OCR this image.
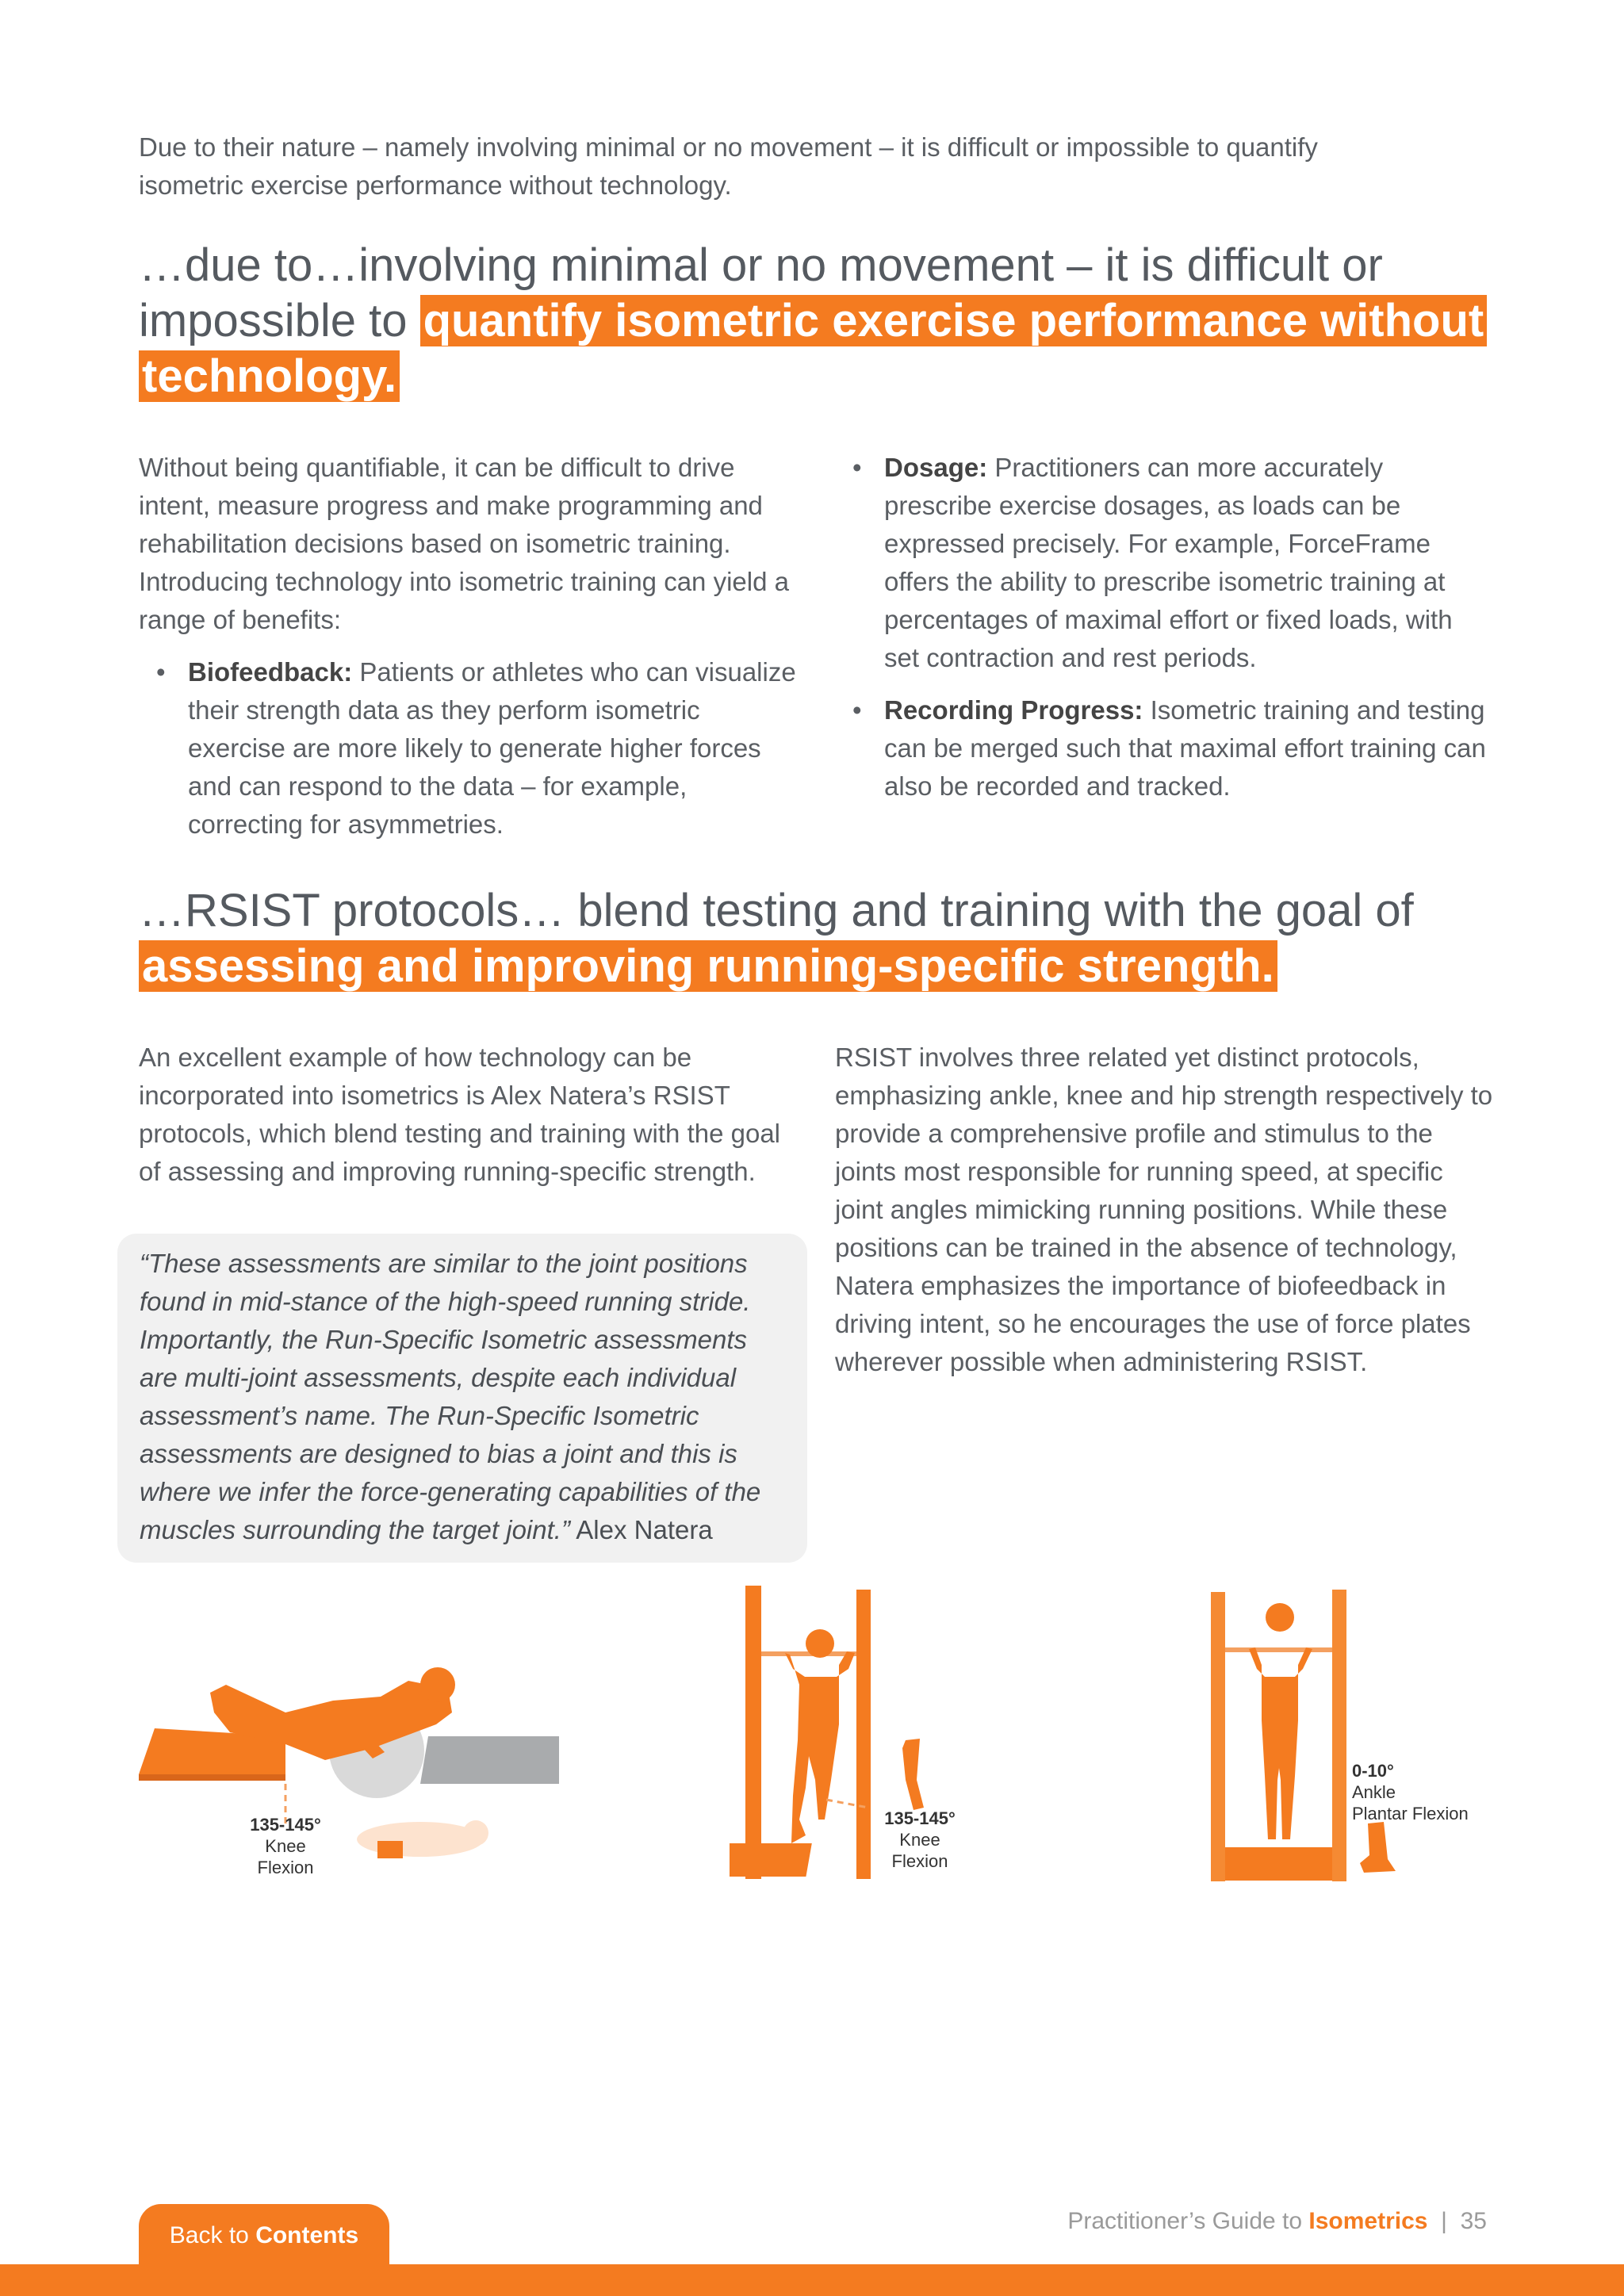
Due to their nature – namely involving minimal or no movement – it is difficult or impossible to quantify isometric exercise performance without technology.

…due to…involving minimal or no movement – it is difficult or impossible to quantify isometric exercise performance without technology.

Without being quantifiable, it can be difficult to drive intent, measure progress and make programming and rehabilitation decisions based on isometric training. Introducing technology into isometric training can yield a range of benefits:

• Biofeedback: Patients or athletes who can visualize their strength data as they perform isometric exercise are more likely to generate higher forces and can respond to the data – for example, correcting for asymmetries.
• Dosage: Practitioners can more accurately prescribe exercise dosages, as loads can be expressed precisely. For example, ForceFrame offers the ability to prescribe isometric training at percentages of maximal effort or fixed loads, with set contraction and rest periods.
• Recording Progress: Isometric training and testing can be merged such that maximal effort training can also be recorded and tracked.
…RSIST protocols… blend testing and training with the goal of assessing and improving running-specific strength.

An excellent example of how technology can be incorporated into isometrics is Alex Natera’s RSIST protocols, which blend testing and training with the goal of assessing and improving running-specific strength.

“These assessments are similar to the joint positions found in mid-stance of the high-speed running stride. Importantly, the Run-Specific Isometric assessments are multi-joint assessments, despite each individual assessment’s name. The Run-Specific Isometric assessments are designed to bias a joint and this is where we infer the force-generating capabilities of the muscles surrounding the target joint.” Alex Natera

RSIST involves three related yet distinct protocols, emphasizing ankle, knee and hip strength respectively to provide a comprehensive profile and stimulus to the joints most responsible for running speed, at specific joint angles mimicking running positions. While these positions can be trained in the absence of technology, Natera emphasizes the importance of biofeedback in driving intent, so he encourages the use of force plates wherever possible when administering RSIST.

135-145°
Knee
Flexion
135-145°
Knee
Flexion
0-10°
Ankle
Plantar Flexion
Back to Contents
Practitioner’s Guide to Isometrics | 35
